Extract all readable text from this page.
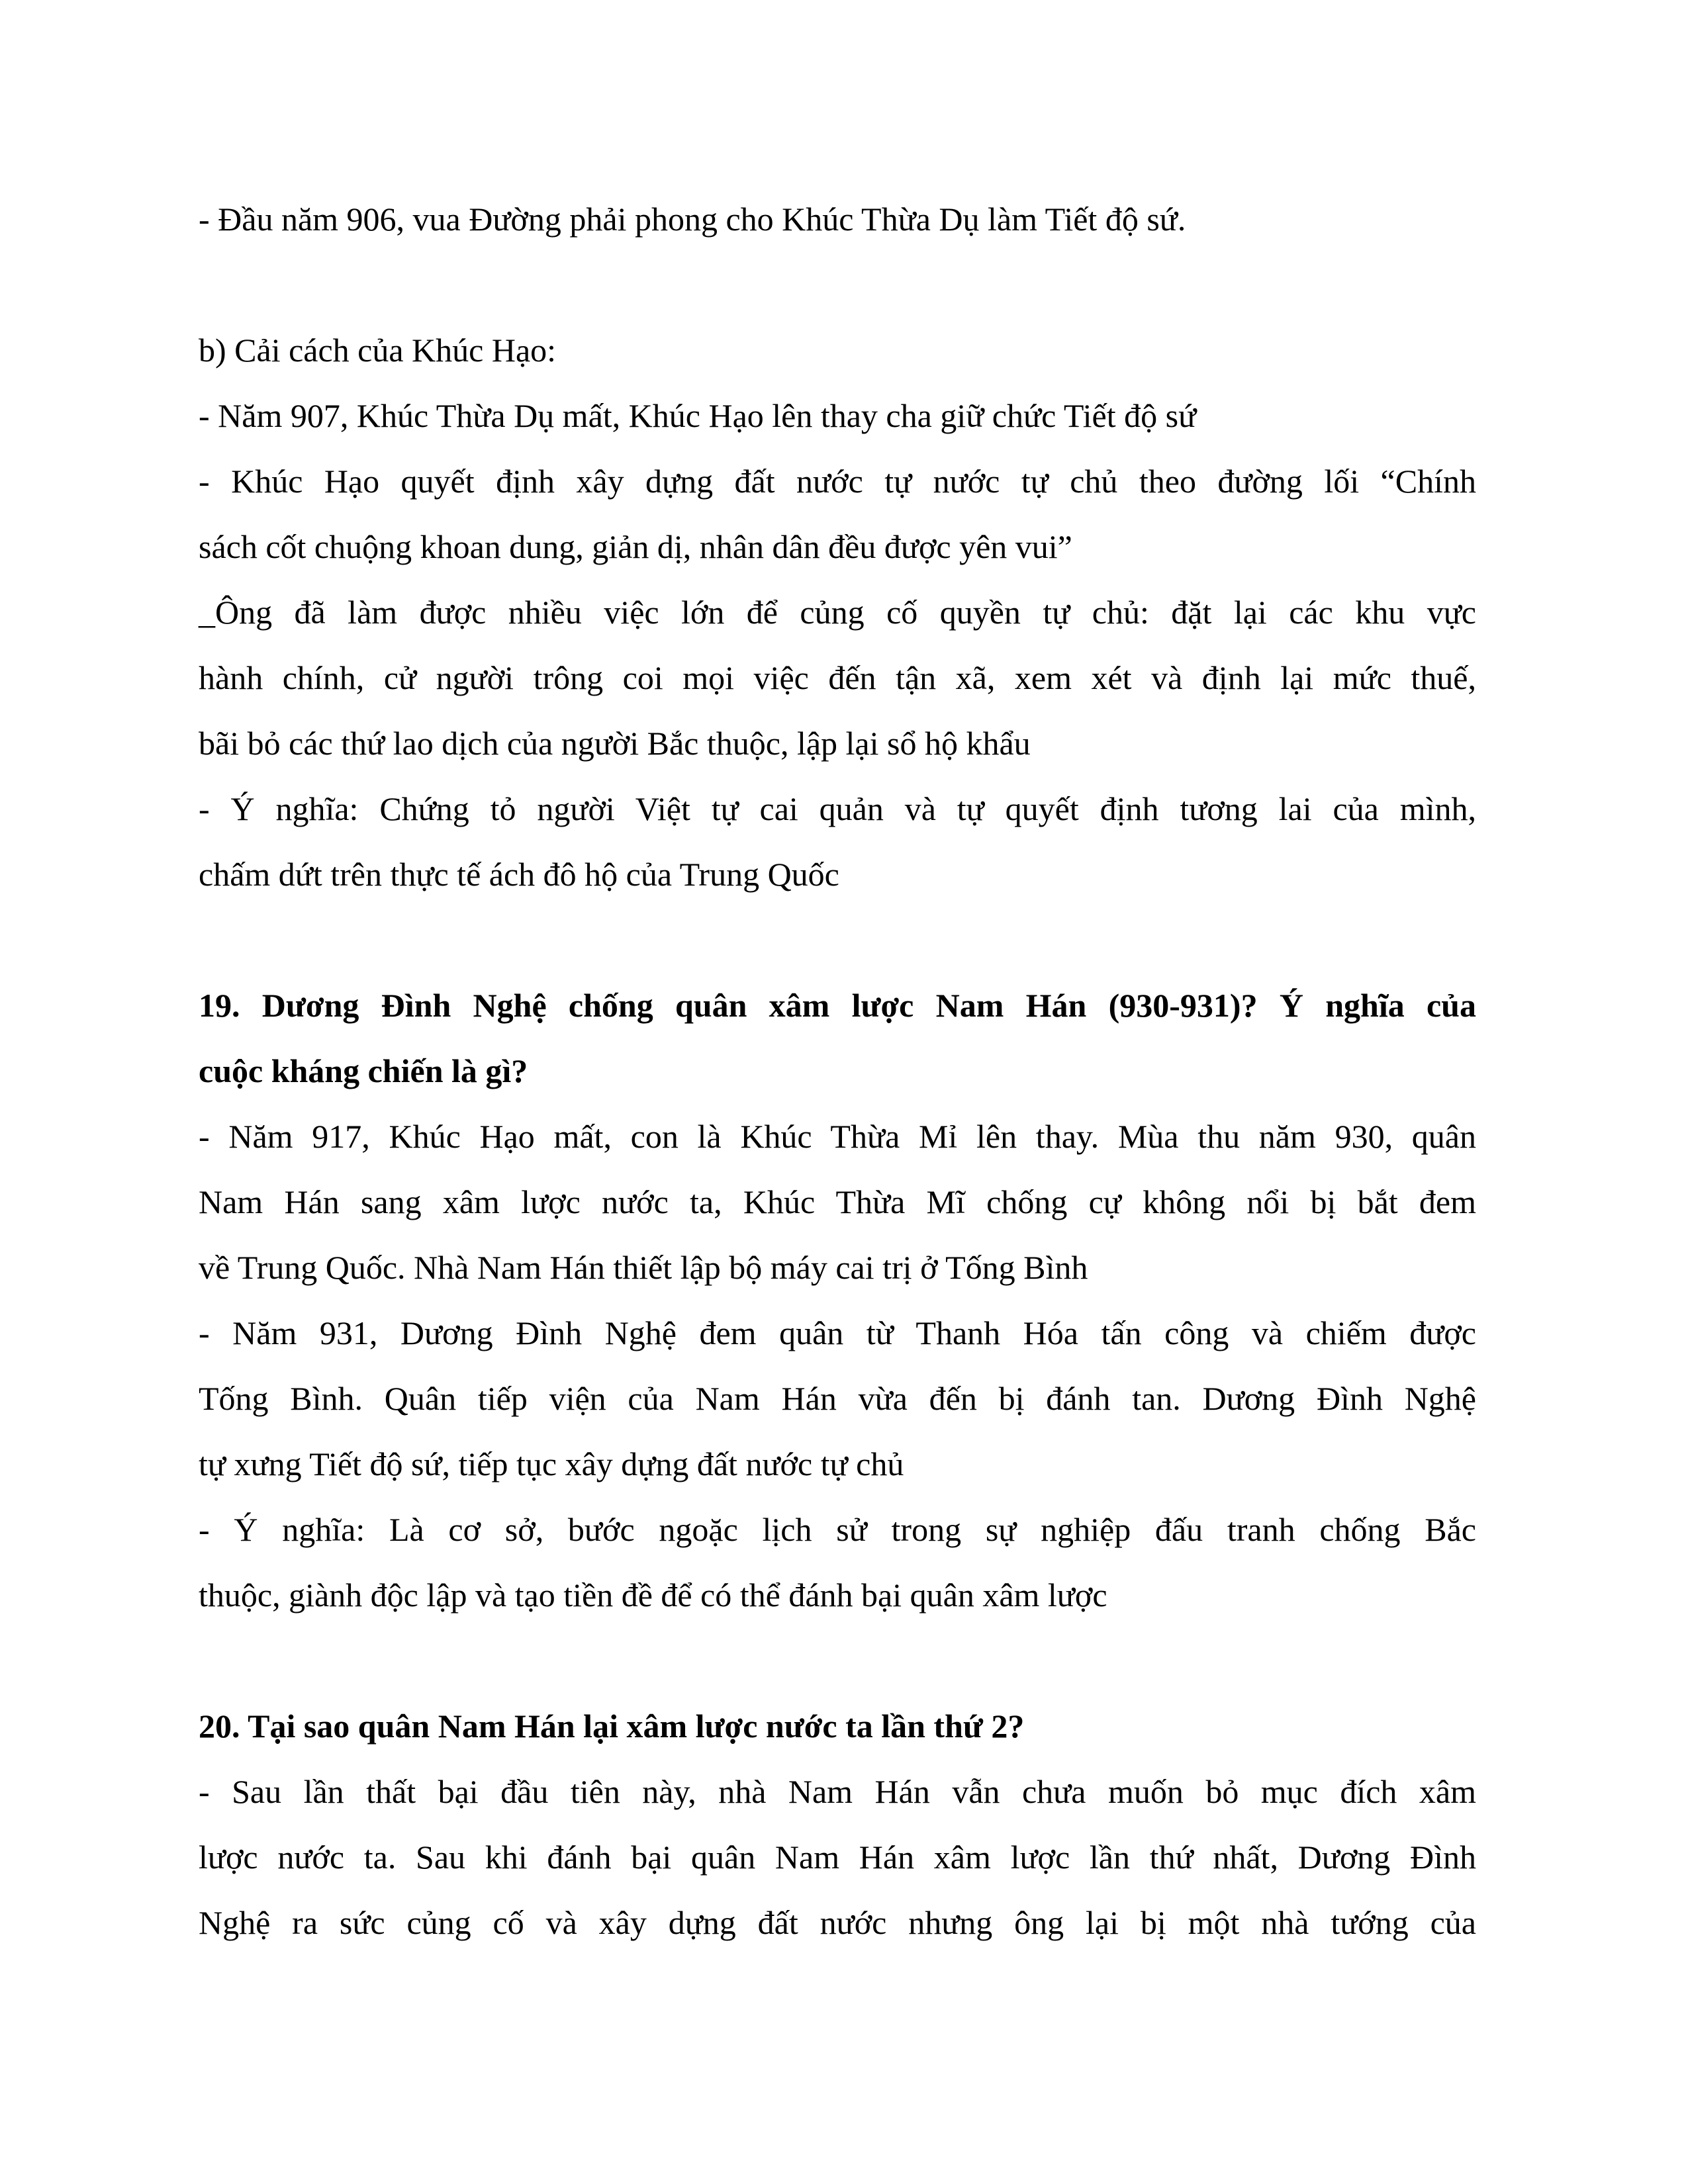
- Đầu năm 906, vua Đường phải phong cho Khúc Thừa Dụ làm Tiết độ sứ.

b) Cải cách của Khúc Hạo:

- Năm 907, Khúc Thừa Dụ mất, Khúc Hạo lên thay cha giữ chức Tiết độ sứ

- Khúc Hạo quyết định xây dựng đất nước tự nước tự chủ theo đường lối “Chính

sách cốt chuộng khoan dung, giản dị, nhân dân đều được yên vui”

_Ông đã làm được nhiều việc lớn để củng cố quyền tự chủ: đặt lại các khu vực

hành chính, cử người trông coi mọi việc đến tận xã, xem xét và định lại mức thuế,

bãi bỏ các thứ lao dịch của người Bắc thuộc, lập lại sổ hộ khẩu

- Ý nghĩa: Chứng tỏ người Việt tự cai quản và tự quyết định tương lai của mình,

chấm dứt trên thực tế ách đô hộ của Trung Quốc

19. Dương Đình Nghệ chống quân xâm lược Nam Hán (930-931)? Ý nghĩa của

cuộc kháng chiến là gì?

- Năm 917, Khúc Hạo mất, con là Khúc Thừa Mỉ lên thay. Mùa thu năm 930, quân

Nam Hán sang xâm lược nước ta, Khúc Thừa Mĩ chống cự không nổi bị bắt đem

về Trung Quốc. Nhà Nam Hán thiết lập bộ máy cai trị ở Tống Bình

- Năm 931, Dương Đình Nghệ đem quân từ Thanh Hóa tấn công và chiếm được

Tống Bình. Quân tiếp viện của Nam Hán vừa đến bị đánh tan. Dương Đình Nghệ

tự xưng Tiết độ sứ, tiếp tục xây dựng đất nước tự chủ

- Ý nghĩa: Là cơ sở, bước ngoặc lịch sử trong sự nghiệp đấu tranh chống Bắc

thuộc, giành độc lập và tạo tiền đề để có thể đánh bại quân xâm lược

20. Tại sao quân Nam Hán lại xâm lược nước ta lần thứ 2?

- Sau lần thất bại đầu tiên này, nhà Nam Hán vẫn chưa muốn bỏ mục đích xâm

lược nước ta. Sau khi đánh bại quân Nam Hán xâm lược lần thứ nhất, Dương Đình

Nghệ ra sức củng cố và xây dựng đất nước nhưng ông lại bị một nhà tướng của
